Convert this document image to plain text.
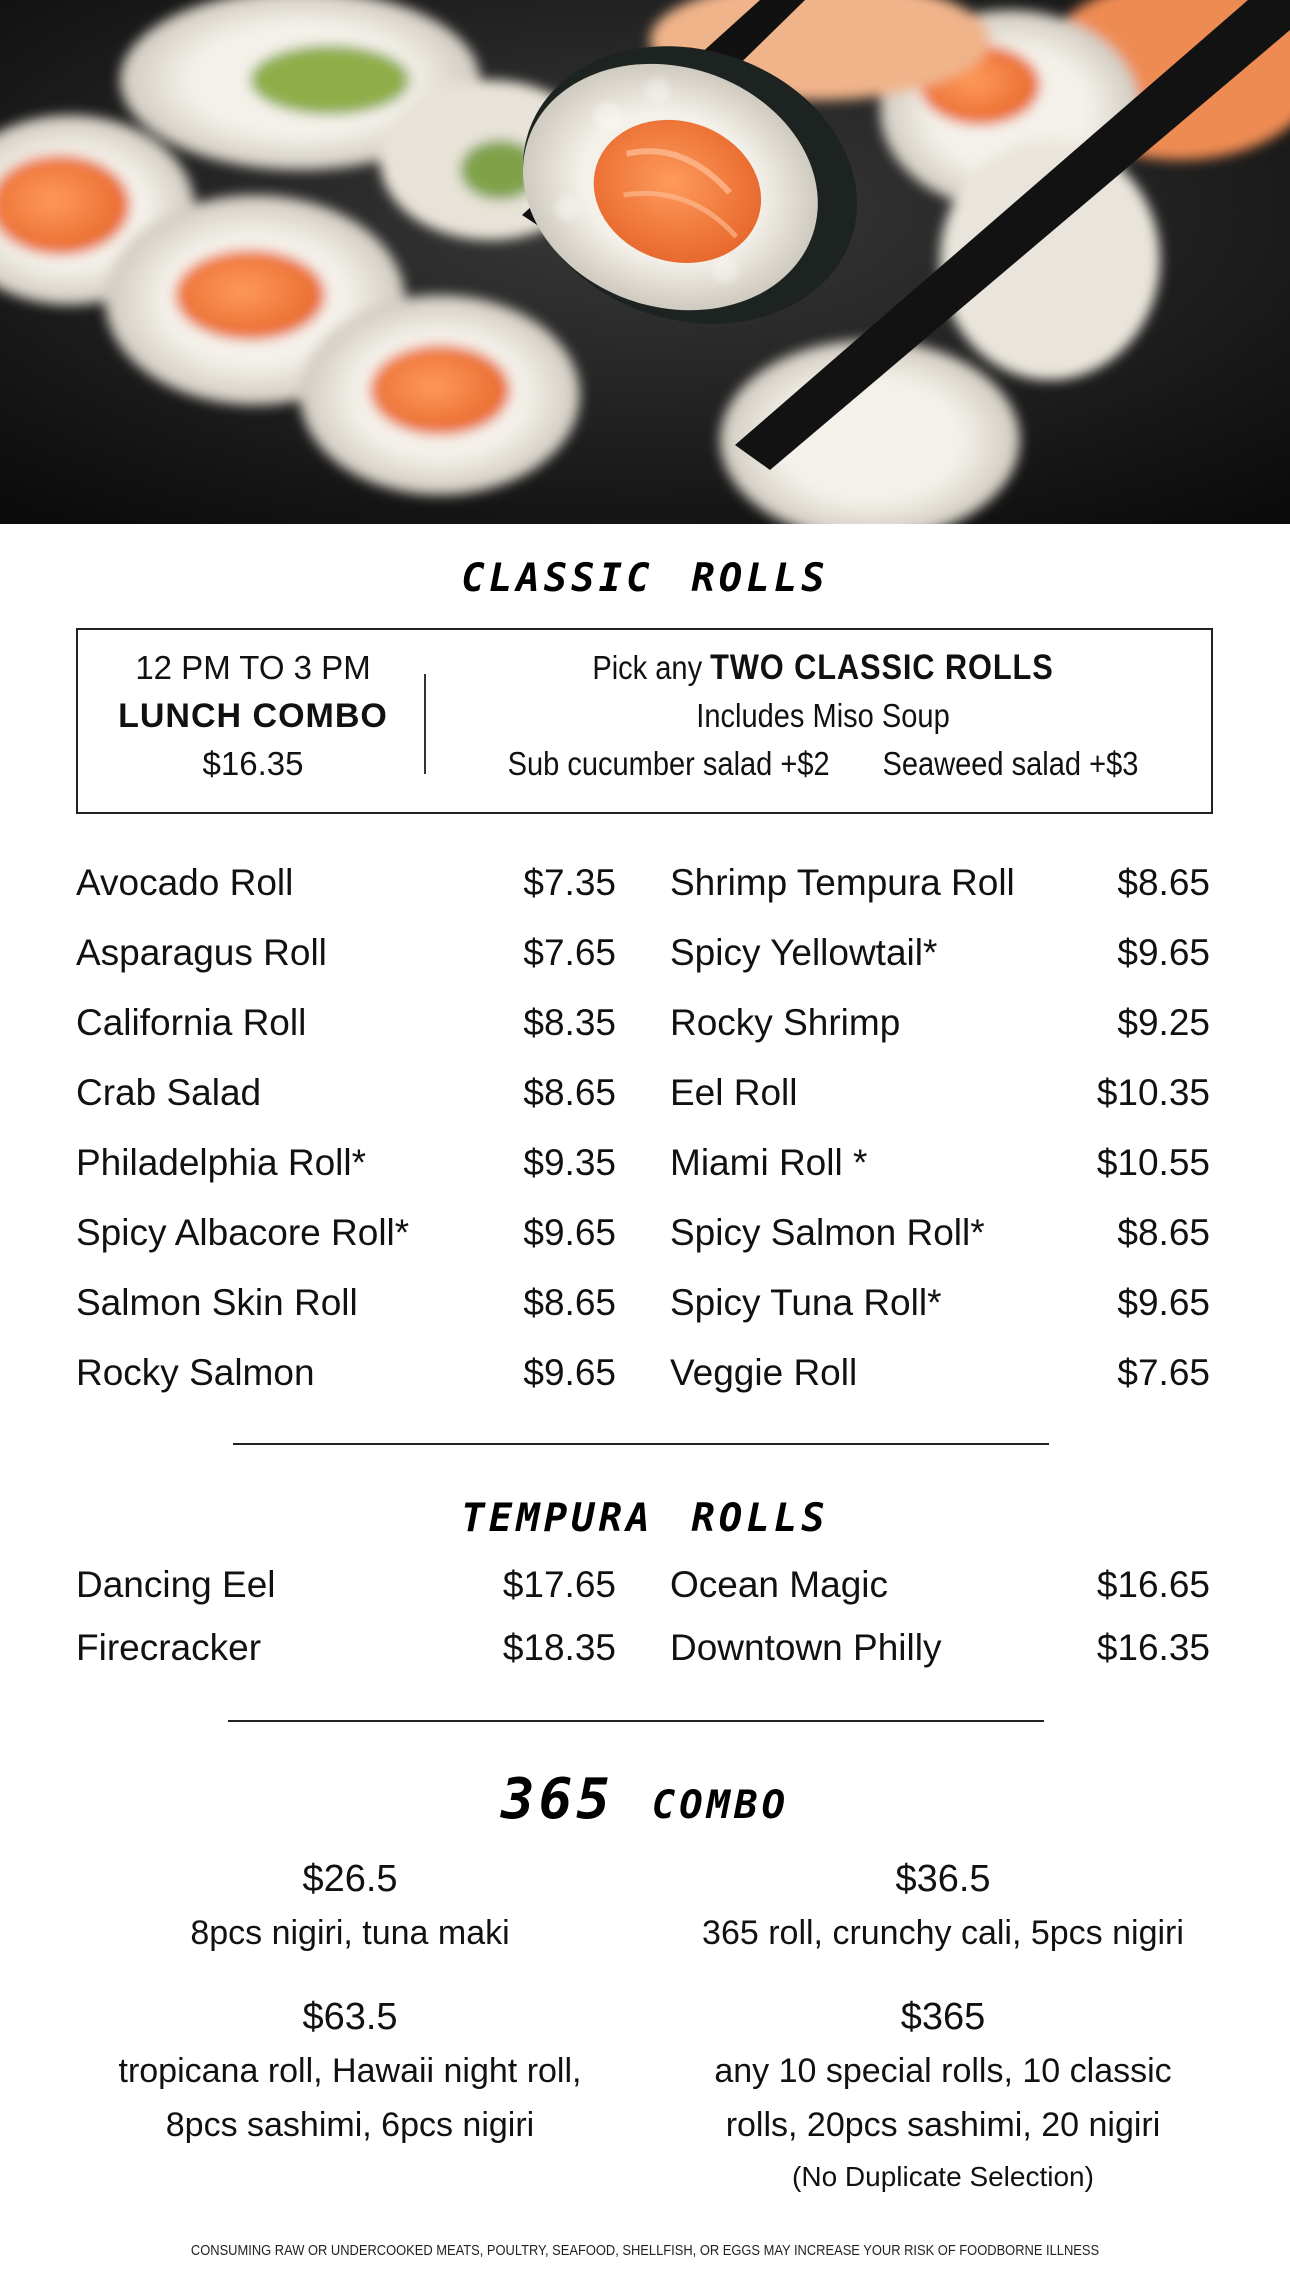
classic rolls
12 PM TO 3 PM
LUNCH COMBO
$16.35
Pick any TWO CLASSIC ROLLS
Includes Miso Soup
Sub cucumber salad +$2 Seaweed salad +$3
Avocado Roll	$7.35
Asparagus Roll	$7.65
California Roll	$8.35
Crab Salad	$8.65
Philadelphia Roll*	$9.35
Spicy Albacore Roll*	$9.65
Salmon Skin Roll	$8.65
Rocky Salmon	$9.65
Shrimp Tempura Roll	$8.65
Spicy Yellowtail*	$9.65
Rocky Shrimp	$9.25
Eel Roll	$10.35
Miami Roll *	$10.55
Spicy Salmon Roll*	$8.65
Spicy Tuna Roll*	$9.65
Veggie Roll	$7.65
tempura rolls
Dancing Eel	$17.65
Firecracker	$18.35
Ocean Magic	$16.65
Downtown Philly	$16.35
365 combo
$26.5
8pcs nigiri, tuna maki
$36.5
365 roll, crunchy cali, 5pcs nigiri
$63.5
tropicana roll, Hawaii night roll,
8pcs sashimi, 6pcs nigiri
$365
any 10 special rolls, 10 classic
rolls, 20pcs sashimi, 20 nigiri
(No Duplicate Selection)
CONSUMING RAW OR UNDERCOOKED MEATS, POULTRY, SEAFOOD, SHELLFISH, OR EGGS MAY INCREASE YOUR RISK OF FOODBORNE ILLNESS
